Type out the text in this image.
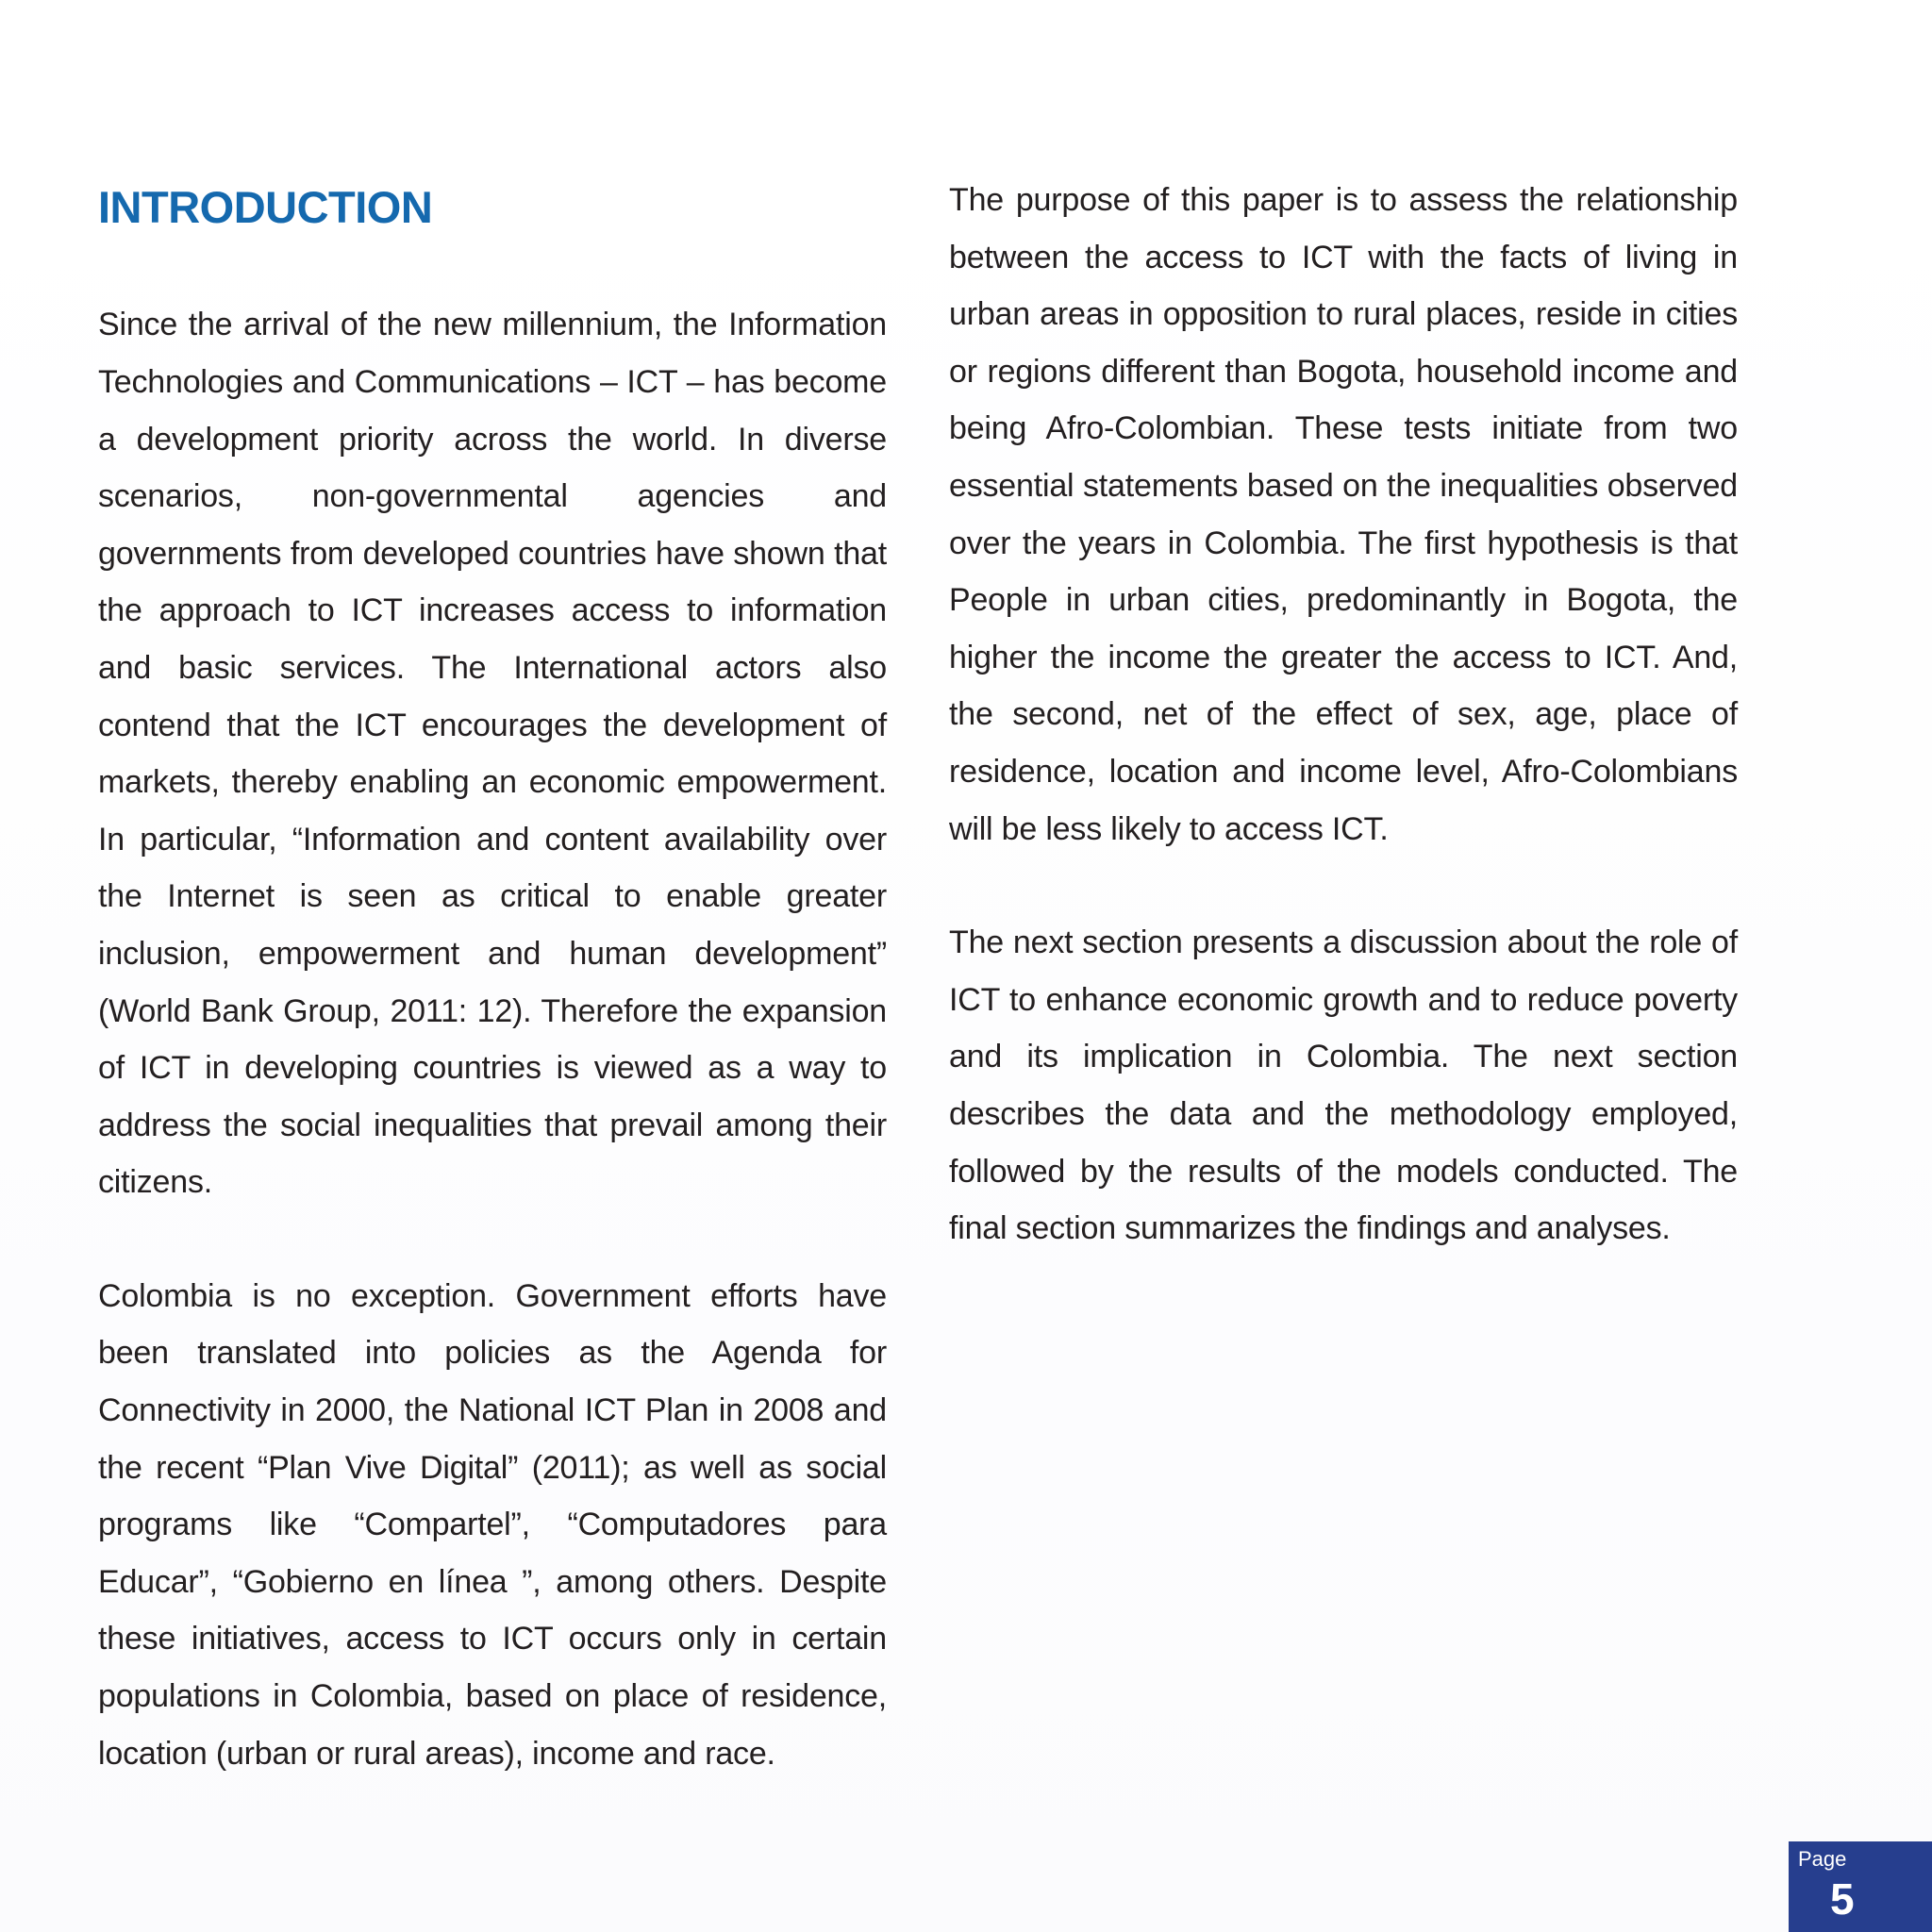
INTRODUCTION

Since the arrival of the new millennium, the Information Technologies and Communications – ICT – has become a development priority across the world. In diverse scenarios, non-governmental agencies and governments from developed countries have shown that the approach to ICT increases access to information and basic services. The International actors also contend that the ICT encourages the development of markets, thereby enabling an economic empowerment. In particular, “Information and content availability over the Internet is seen as critical to enable greater inclusion, empowerment and human development” (World Bank Group, 2011: 12). Therefore the expansion of ICT in developing countries is viewed as a way to address the social inequalities that prevail among their citizens.

Colombia is no exception. Government efforts have been translated into policies as the Agenda for Connectivity in 2000, the National ICT Plan in 2008 and the recent “Plan Vive Digital” (2011); as well as social programs like “Compartel”, “Computadores para Educar”, “Gobierno en línea ”, among others. Despite these initiatives, access to ICT occurs only in certain populations in Colombia, based on place of residence, location (urban or rural areas), income and race.

The purpose of this paper is to assess the relationship between the access to ICT with the facts of living in urban areas in opposition to rural places, reside in cities or regions different than Bogota, household income and being Afro-Colombian. These tests initiate from two essential statements based on the inequalities observed over the years in Colombia. The first hypothesis is that People in urban cities, predominantly in Bogota, the higher the income the greater the access to ICT. And, the second, net of the effect of sex, age, place of residence, location and income level, Afro-Colombians will be less likely to access ICT.

The next section presents a discussion about the role of ICT to enhance economic growth and to reduce poverty and its implication in Colombia. The next section describes the data and the methodology employed, followed by the results of the models conducted. The final section summarizes the findings and analyses.

Page
5
